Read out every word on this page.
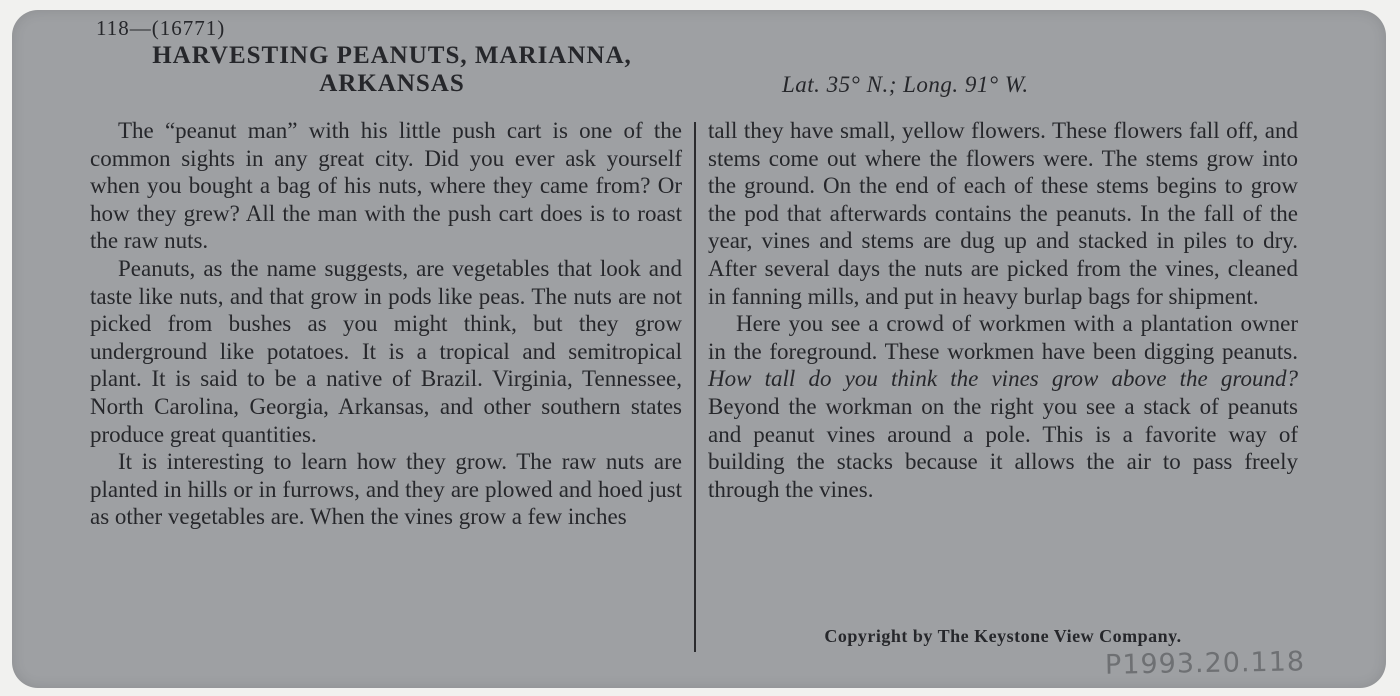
118—(16771)
HARVESTING PEANUTS, MARIANNA,
ARKANSAS	Lat. 35° N.; Long. 91° W.

The “peanut man” with his little push cart is one of the common sights in any great city. Did you ever ask yourself when you bought a bag of his nuts, where they came from? Or how they grew? All the man with the push cart does is to roast the raw nuts.

Peanuts, as the name suggests, are vegetables that look and taste like nuts, and that grow in pods like peas. The nuts are not picked from bushes as you might think, but they grow underground like potatoes. It is a tropical and semitropical plant. It is said to be a native of Brazil. Virginia, Tennessee, North Carolina, Georgia, Arkansas, and other southern states produce great quantities.

It is interesting to learn how they grow. The raw nuts are planted in hills or in furrows, and they are plowed and hoed just as other vegetables are. When the vines grow a few inches

tall they have small, yellow flowers. These flowers fall off, and stems come out where the flowers were. The stems grow into the ground. On the end of each of these stems begins to grow the pod that afterwards contains the peanuts. In the fall of the year, vines and stems are dug up and stacked in piles to dry. After several days the nuts are picked from the vines, cleaned in fanning mills, and put in heavy burlap bags for shipment.

Here you see a crowd of workmen with a plantation owner in the foreground. These workmen have been digging peanuts. How tall do you think the vines grow above the ground? Beyond the workman on the right you see a stack of peanuts and peanut vines around a pole. This is a favorite way of building the stacks because it allows the air to pass freely through the vines.

Copyright by The Keystone View Company.
P1993.20.118
